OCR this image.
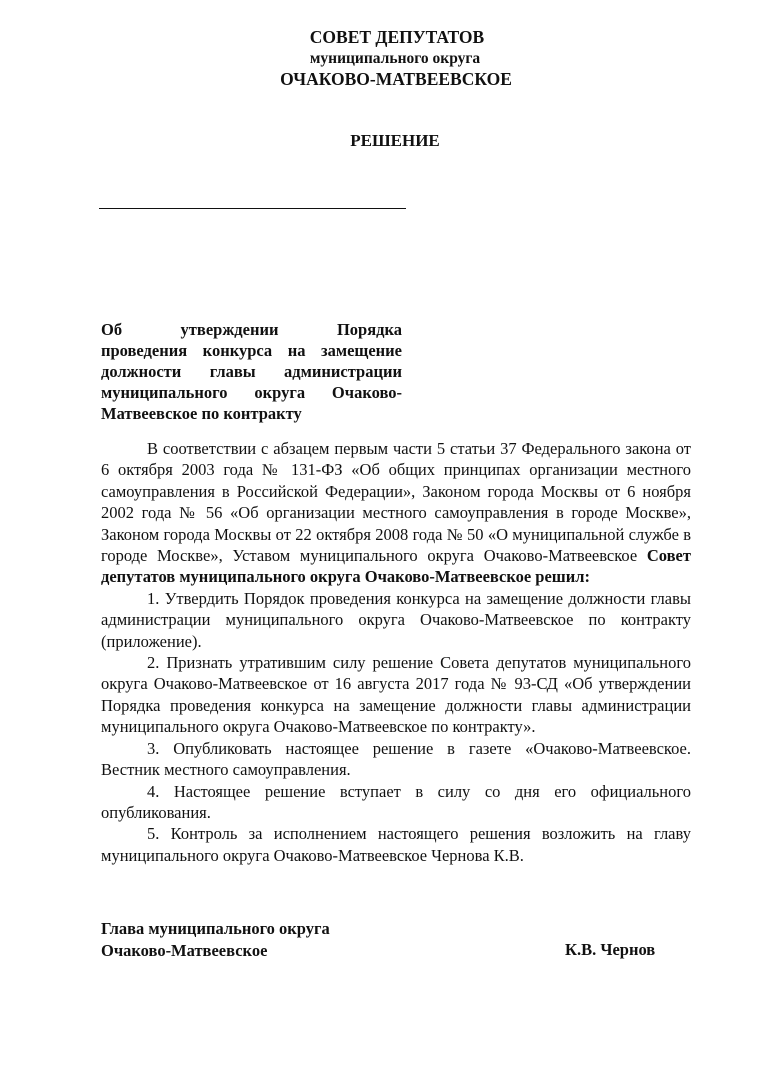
СОВЕТ ДЕПУТАТОВ
муниципального округа
ОЧАКОВО-МАТВЕЕВСКОЕ
РЕШЕНИЕ
Об утверждении Порядка
проведения конкурса на замещение
должности главы администрации
муниципального округа Очаково-
Матвеевское по контракту

В соответствии с абзацем первым части 5 статьи 37 Федерального закона от 6 октября 2003 года № 131-ФЗ «Об общих принципах организации местного самоуправления в Российской Федерации», Законом города Москвы от 6 ноября 2002 года № 56 «Об организации местного самоуправления в городе Москве», Законом города Москвы от 22 октября 2008 года № 50 «О муниципальной службе в городе Москве», Уставом муниципального округа Очаково-Матвеевское Совет депутатов муниципального округа Очаково-Матвеевское решил:

1. Утвердить Порядок проведения конкурса на замещение должности главы администрации муниципального округа Очаково-Матвеевское по контракту (приложение).

2. Признать утратившим силу решение Совета депутатов муниципального округа Очаково-Матвеевское от 16 августа 2017 года № 93-СД «Об утверждении Порядка проведения конкурса на замещение должности главы администрации муниципального округа Очаково-Матвеевское по контракту».

3. Опубликовать настоящее решение в газете «Очаково-Матвеевское. Вестник местного самоуправления.

4. Настоящее решение вступает в силу со дня его официального опубликования.

5. Контроль за исполнением настоящего решения возложить на главу муниципального округа Очаково-Матвеевское Чернова К.В.

Глава муниципального округа
Очаково-Матвеевское	К.В. Чернов
